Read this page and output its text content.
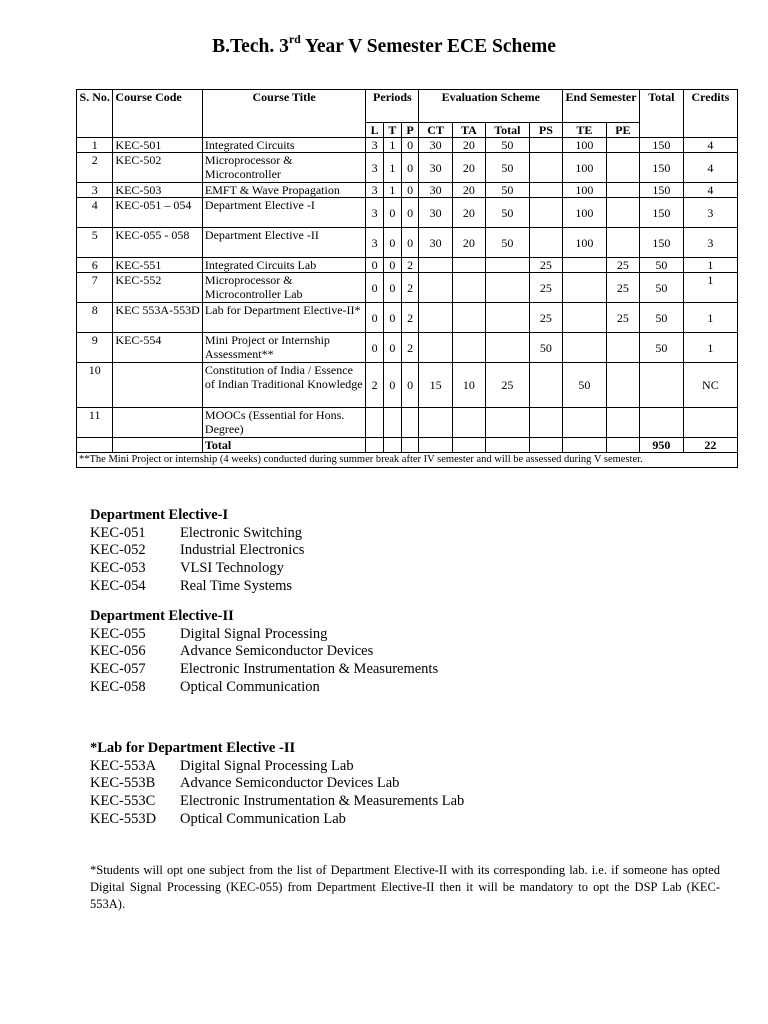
B.Tech. 3rd Year V Semester ECE Scheme
S. No.	Course Code	Course Title	Periods			Evaluation Scheme				End Semester		Total	Credits
			L	T	P	CT	TA	Total	PS	TE	PE		
1	KEC-501	Integrated Circuits	3	1	0	30	20	50		100		150	4
2	KEC-502	Microprocessor & Microcontroller	3	1	0	30	20	50		100		150	4
3	KEC-503	EMFT & Wave Propagation	3	1	0	30	20	50		100		150	4
4	KEC-051 – 054	Department Elective -I	3	0	0	30	20	50		100		150	3
5	KEC-055 - 058	Department Elective -II	3	0	0	30	20	50		100		150	3
6	KEC-551	Integrated Circuits Lab	0	0	2				25		25	50	1
7	KEC-552	Microprocessor & Microcontroller Lab	0	0	2				25		25	50	1
8	KEC 553A-553D	Lab for Department Elective-II*	0	0	2				25		25	50	1
9	KEC-554	Mini Project or Internship Assessment**	0	0	2				50			50	1
10		Constitution of India / Essence of Indian Traditional Knowledge	2	0	0	15	10	25		50			NC
11		MOOCs (Essential for Hons. Degree)											
		Total										950	22
**The Mini Project or internship (4 weeks) conducted during summer break after IV semester and will be assessed during V semester.													
Department Elective-I
KEC-051	Electronic Switching
KEC-052	Industrial Electronics
KEC-053	VLSI Technology
KEC-054	Real Time Systems
Department Elective-II
KEC-055	Digital Signal Processing
KEC-056	Advance Semiconductor Devices
KEC-057	Electronic Instrumentation & Measurements
KEC-058	Optical Communication
*Lab for Department Elective -II
KEC-553A	Digital Signal Processing Lab
KEC-553B	Advance Semiconductor Devices Lab
KEC-553C	Electronic Instrumentation & Measurements Lab
KEC-553D	Optical Communication Lab

*Students will opt one subject from the list of Department Elective-II with its corresponding lab. i.e. if someone has opted Digital Signal Processing (KEC-055) from Department Elective-II then it will be mandatory to opt the DSP Lab (KEC-553A).
